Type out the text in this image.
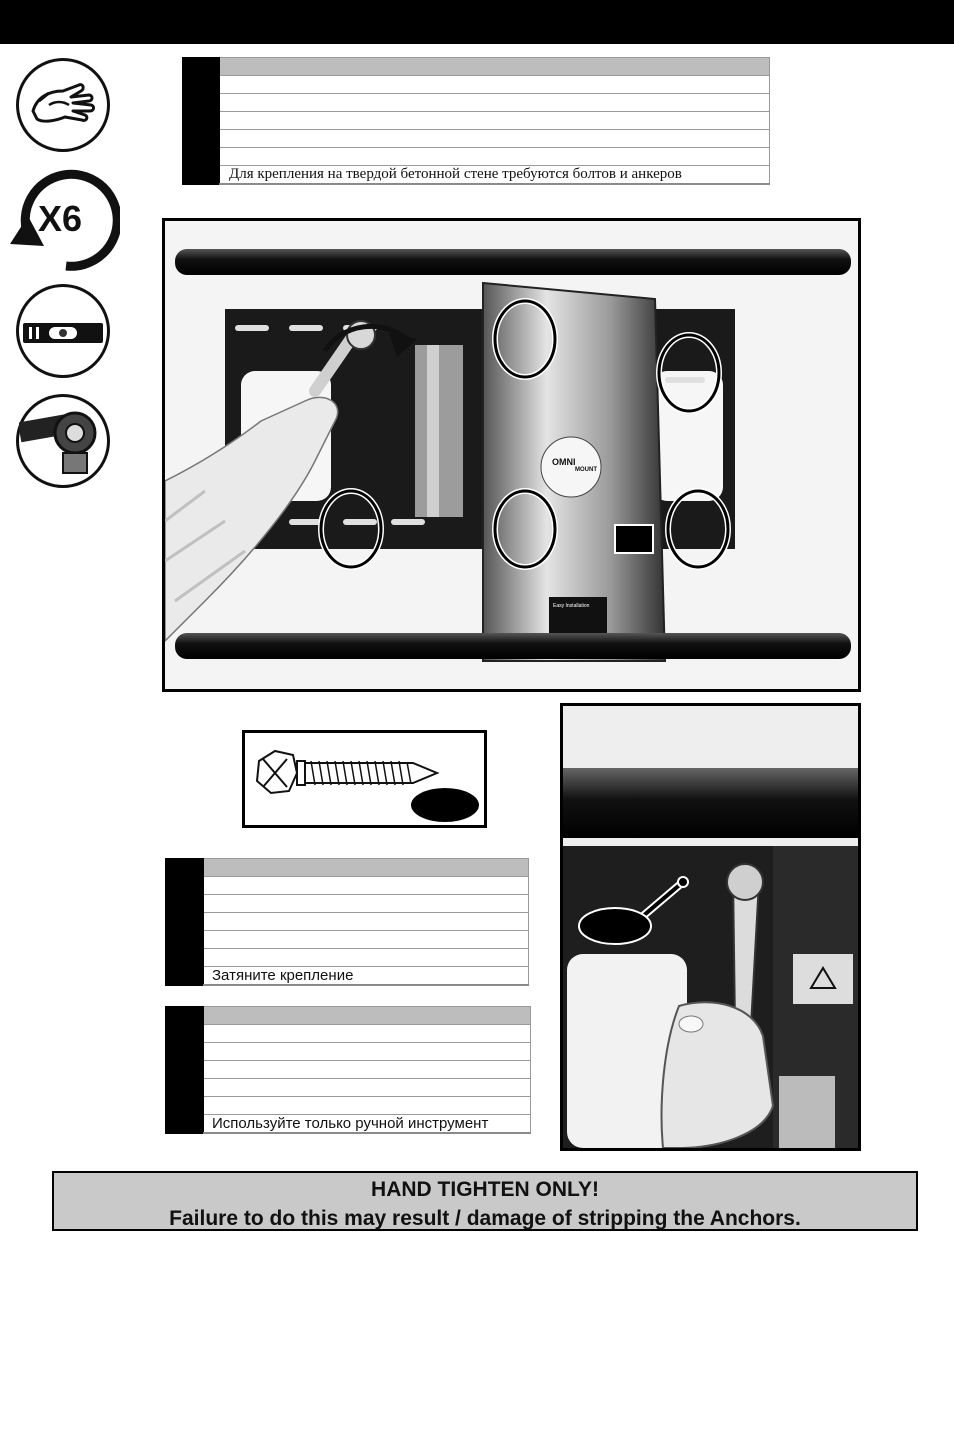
X6

	Для крепления на твердой бетонной стене требуются болтов и анкеров
OMNI
MOUNT
Easy Installation

	Затяните крепление

	Используйте только ручной инструмент
HAND TIGHTEN ONLY!
Failure to do this may result / damage of stripping the Anchors.
